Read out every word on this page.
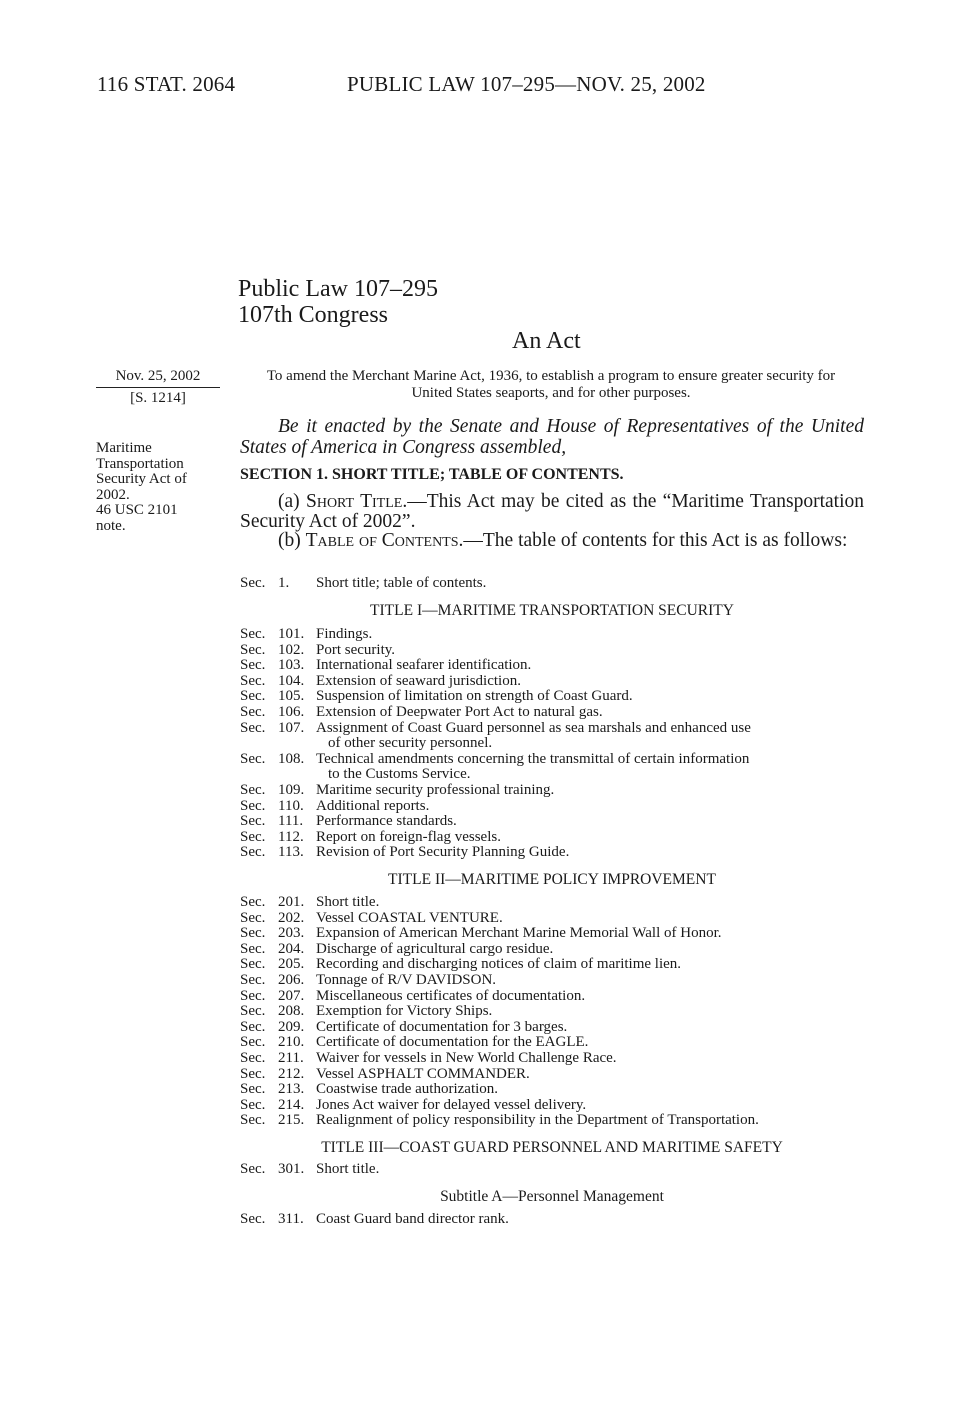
116 STAT. 2064	PUBLIC LAW 107–295—NOV. 25, 2002
Public Law 107–295
107th Congress
An Act
Nov. 25, 2002
[S. 1214]
To amend the Merchant Marine Act, 1936, to establish a program to ensure greater security for United States seaports, and for other purposes.
Maritime
Transportation
Security Act of
2002.
46 USC 2101
note.
Be it enacted by the Senate and House of Representatives of the United States of America in Congress assembled,
SECTION 1. SHORT TITLE; TABLE OF CONTENTS.
(a) Short Title.—This Act may be cited as the “Maritime Transportation Security Act of 2002”.
(b) Table of Contents.—The table of contents for this Act is as follows:
Sec. 1.	Short title; table of contents.
TITLE I—MARITIME TRANSPORTATION SECURITY
Sec. 101. Findings.
Sec. 102. Port security.
Sec. 103. International seafarer identification.
Sec. 104. Extension of seaward jurisdiction.
Sec. 105. Suspension of limitation on strength of Coast Guard.
Sec. 106. Extension of Deepwater Port Act to natural gas.
Sec. 107. Assignment of Coast Guard personnel as sea marshals and enhanced use
of other security personnel.
Sec. 108. Technical amendments concerning the transmittal of certain information
to the Customs Service.
Sec. 109. Maritime security professional training.
Sec. 110. Additional reports.
Sec. 111. Performance standards.
Sec. 112. Report on foreign-flag vessels.
Sec. 113. Revision of Port Security Planning Guide.
TITLE II—MARITIME POLICY IMPROVEMENT
Sec. 201. Short title.
Sec. 202. Vessel COASTAL VENTURE.
Sec. 203. Expansion of American Merchant Marine Memorial Wall of Honor.
Sec. 204. Discharge of agricultural cargo residue.
Sec. 205. Recording and discharging notices of claim of maritime lien.
Sec. 206. Tonnage of R/V DAVIDSON.
Sec. 207. Miscellaneous certificates of documentation.
Sec. 208. Exemption for Victory Ships.
Sec. 209. Certificate of documentation for 3 barges.
Sec. 210. Certificate of documentation for the EAGLE.
Sec. 211. Waiver for vessels in New World Challenge Race.
Sec. 212. Vessel ASPHALT COMMANDER.
Sec. 213. Coastwise trade authorization.
Sec. 214. Jones Act waiver for delayed vessel delivery.
Sec. 215. Realignment of policy responsibility in the Department of Transportation.
TITLE III—COAST GUARD PERSONNEL AND MARITIME SAFETY
Sec. 301. Short title.
Subtitle A—Personnel Management
Sec. 311. Coast Guard band director rank.
